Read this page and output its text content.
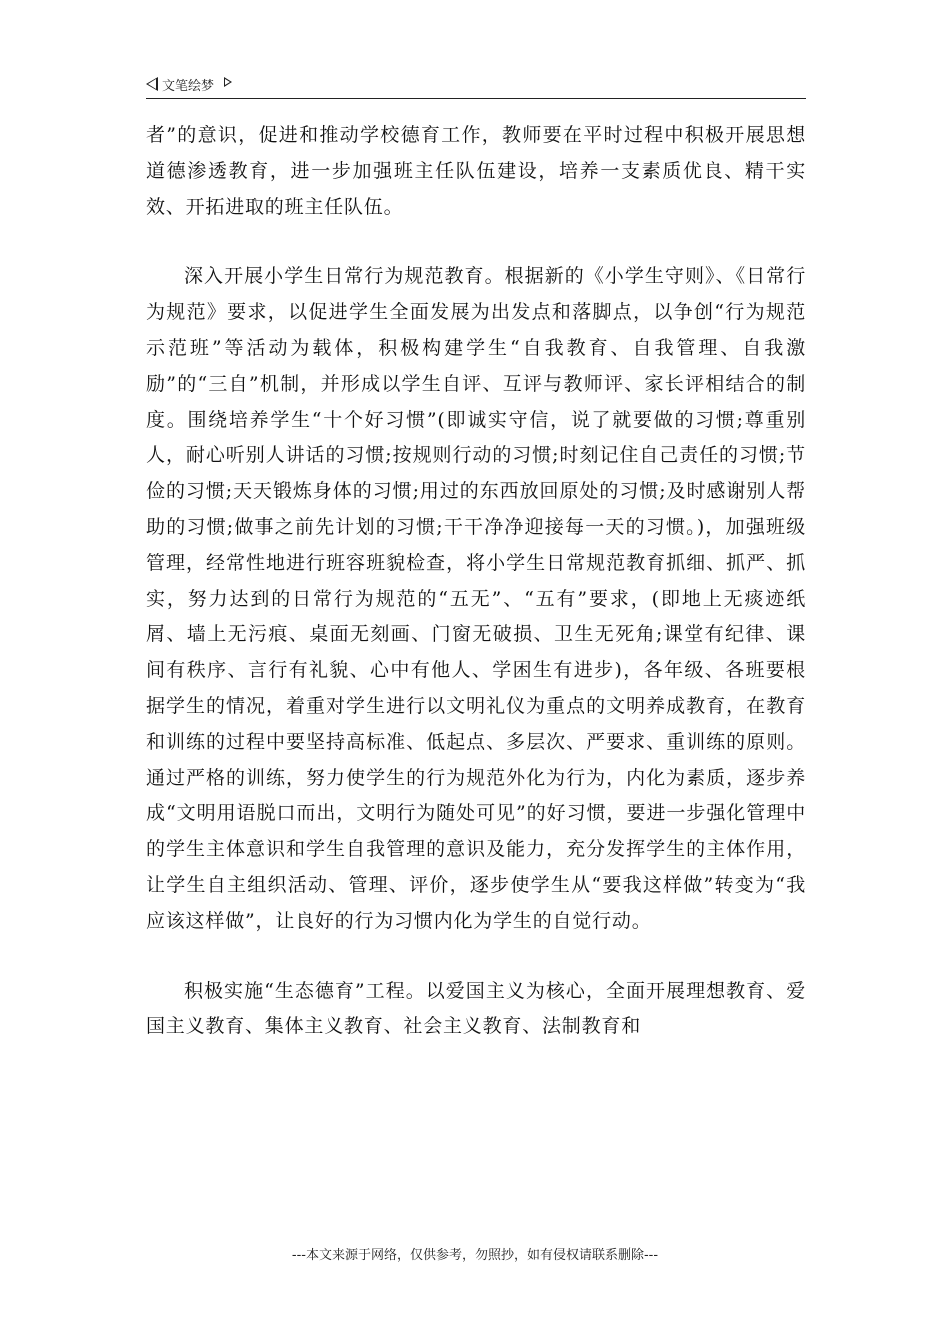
文笔绘梦

者”的意识，促进和推动学校德育工作，教师要在平时过程中积极开展思想道德渗透教育，进一步加强班主任队伍建设，培养一支素质优良、精干实效、开拓进取的班主任队伍。

深入开展小学生日常行为规范教育。根据新的《小学生守则》、《日常行为规范》要求，以促进学生全面发展为出发点和落脚点，以争创“行为规范示范班”等活动为载体，积极构建学生“自我教育、自我管理、自我激励”的“三自”机制，并形成以学生自评、互评与教师评、家长评相结合的制度。围绕培养学生“十个好习惯”(即诚实守信，说了就要做的习惯;尊重别人，耐心听别人讲话的习惯;按规则行动的习惯;时刻记住自己责任的习惯;节俭的习惯;天天锻炼身体的习惯;用过的东西放回原处的习惯;及时感谢别人帮助的习惯;做事之前先计划的习惯;干干净净迎接每一天的习惯。)，加强班级管理，经常性地进行班容班貌检查，将小学生日常规范教育抓细、抓严、抓实，努力达到的日常行为规范的“五无”、“五有”要求，(即地上无痰迹纸屑、墙上无污痕、桌面无刻画、门窗无破损、卫生无死角;课堂有纪律、课间有秩序、言行有礼貌、心中有他人、学困生有进步)，各年级、各班要根据学生的情况，着重对学生进行以文明礼仪为重点的文明养成教育，在教育和训练的过程中要坚持高标准、低起点、多层次、严要求、重训练的原则。通过严格的训练，努力使学生的行为规范外化为行为，内化为素质，逐步养成“文明用语脱口而出，文明行为随处可见”的好习惯，要进一步强化管理中的学生主体意识和学生自我管理的意识及能力，充分发挥学生的主体作用，让学生自主组织活动、管理、评价，逐步使学生从“要我这样做”转变为“我应该这样做”，让良好的行为习惯内化为学生的自觉行动。

积极实施“生态德育”工程。以爱国主义为核心，全面开展理想教育、爱国主义教育、集体主义教育、社会主义教育、法制教育和

---本文来源于网络，仅供参考，勿照抄，如有侵权请联系删除---
